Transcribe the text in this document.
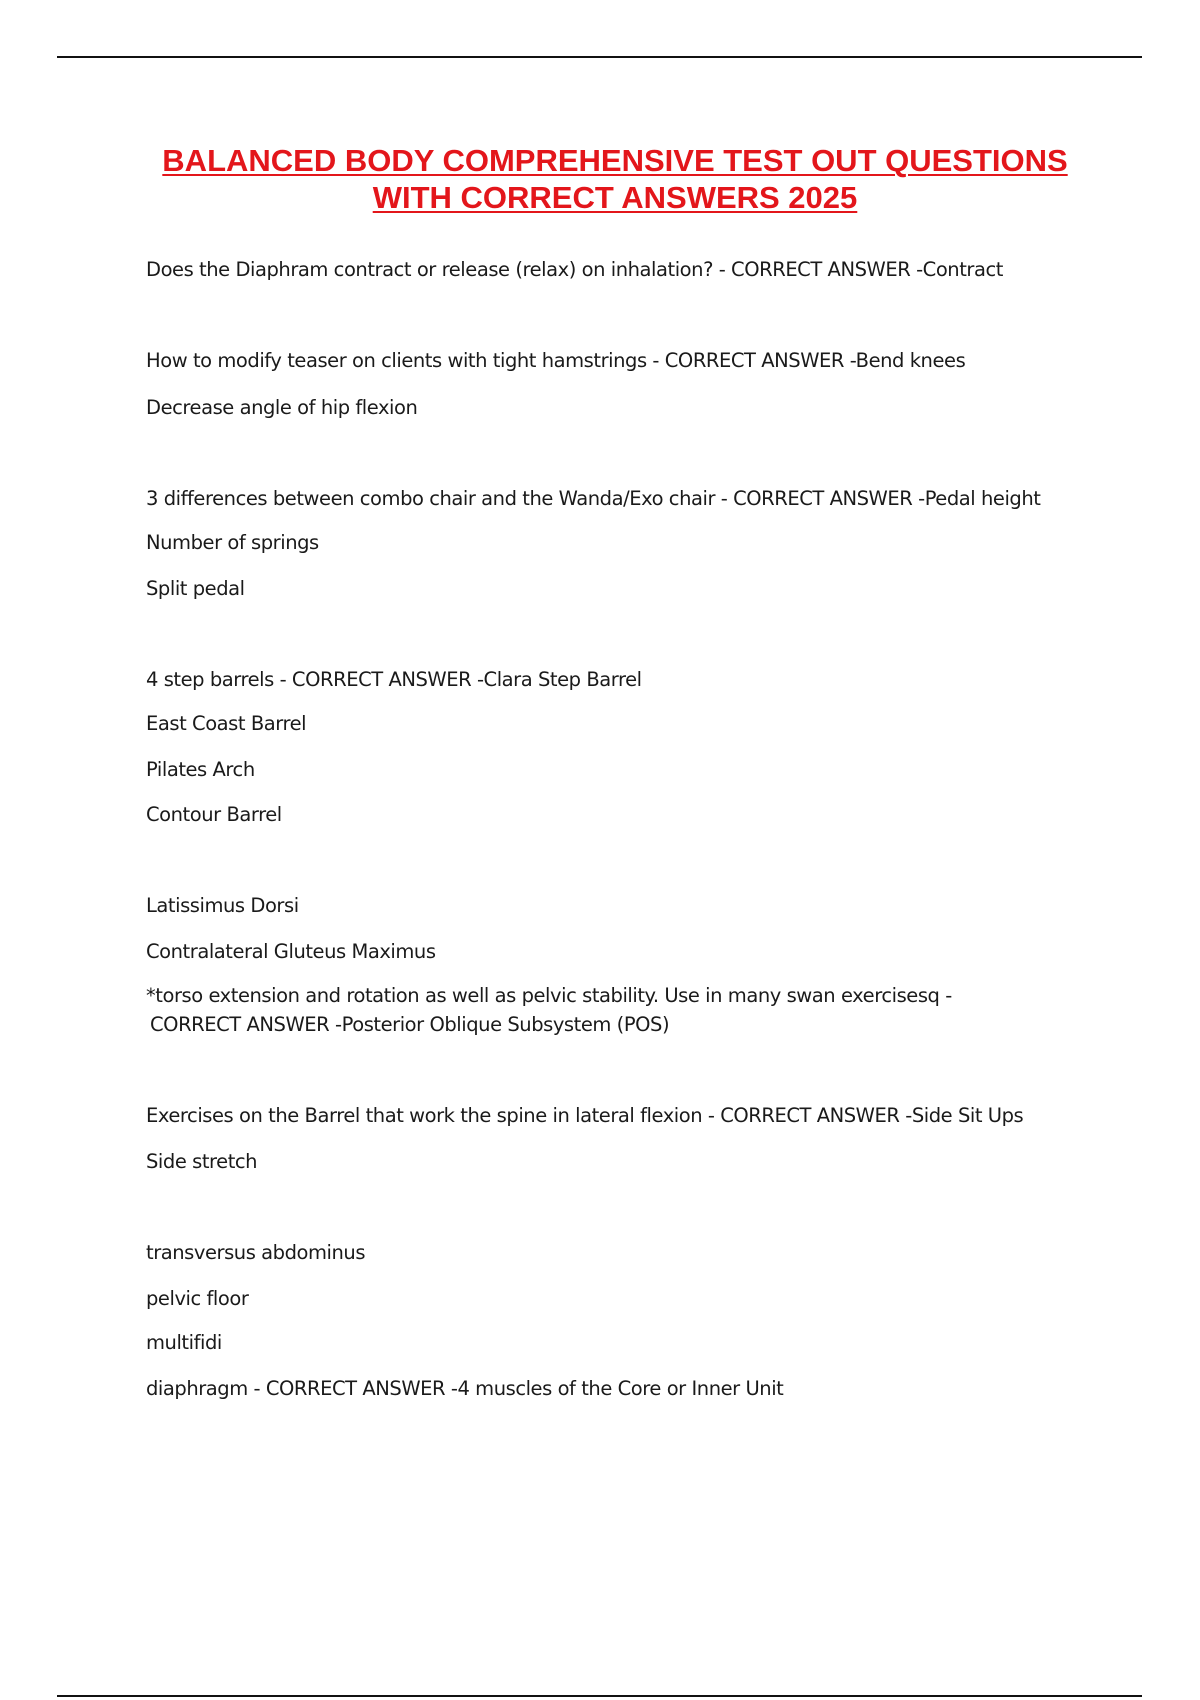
BALANCED BODY COMPREHENSIVE TEST OUT QUESTIONS
WITH CORRECT ANSWERS 2025
Does the Diaphram contract or release (relax) on inhalation? - CORRECT ANSWER -Contract
How to modify teaser on clients with tight hamstrings - CORRECT ANSWER -Bend knees
Decrease angle of hip flexion
3 differences between combo chair and the Wanda/Exo chair - CORRECT ANSWER -Pedal height
Number of springs
Split pedal
4 step barrels - CORRECT ANSWER -Clara Step Barrel
East Coast Barrel
Pilates Arch
Contour Barrel
Latissimus Dorsi
Contralateral Gluteus Maximus
*torso extension and rotation as well as pelvic stability. Use in many swan exercisesq -
CORRECT ANSWER -Posterior Oblique Subsystem (POS)
Exercises on the Barrel that work the spine in lateral flexion - CORRECT ANSWER -Side Sit Ups
Side stretch
transversus abdominus
pelvic floor
multifidi
diaphragm - CORRECT ANSWER -4 muscles of the Core or Inner Unit
